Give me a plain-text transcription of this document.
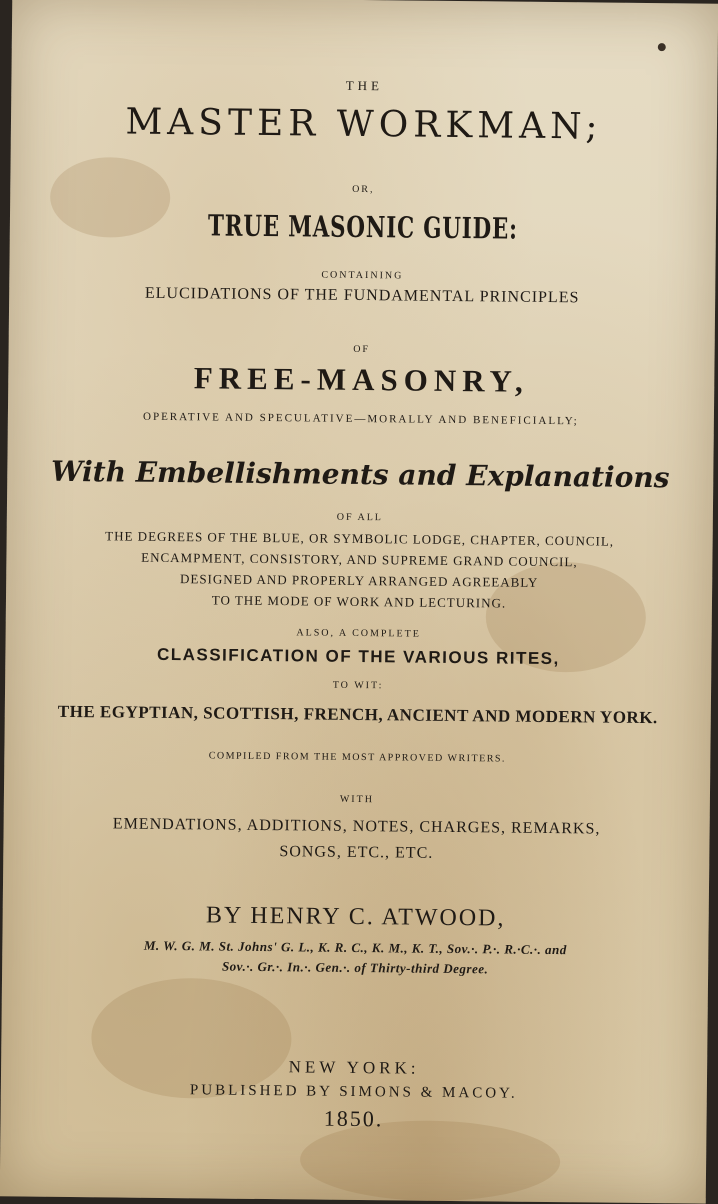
THE
MASTER WORKMAN;
OR,
TRUE MASONIC GUIDE:
CONTAINING
ELUCIDATIONS OF THE FUNDAMENTAL PRINCIPLES
OF
FREE-MASONRY,
OPERATIVE AND SPECULATIVE—MORALLY AND BENEFICIALLY;
With Embellishments and Explanations
OF ALL
THE DEGREES OF THE BLUE, OR SYMBOLIC LODGE, CHAPTER, COUNCIL,
ENCAMPMENT, CONSISTORY, AND SUPREME GRAND COUNCIL,
DESIGNED AND PROPERLY ARRANGED AGREEABLY
TO THE MODE OF WORK AND LECTURING.
ALSO, A COMPLETE
CLASSIFICATION OF THE VARIOUS RITES,
TO WIT:
THE EGYPTIAN, SCOTTISH, FRENCH, ANCIENT AND MODERN YORK.
COMPILED FROM THE MOST APPROVED WRITERS.
WITH
EMENDATIONS, ADDITIONS, NOTES, CHARGES, REMARKS,
SONGS, ETC., ETC.
BY HENRY C. ATWOOD,
M. W. G. M. St. Johns' G. L., K. R. C., K. M., K. T., Sov.·. P.·. R.·C.·. and
Sov.·. Gr.·. In.·. Gen.·. of Thirty-third Degree.
NEW YORK:
PUBLISHED BY SIMONS & MACOY.
1850.
